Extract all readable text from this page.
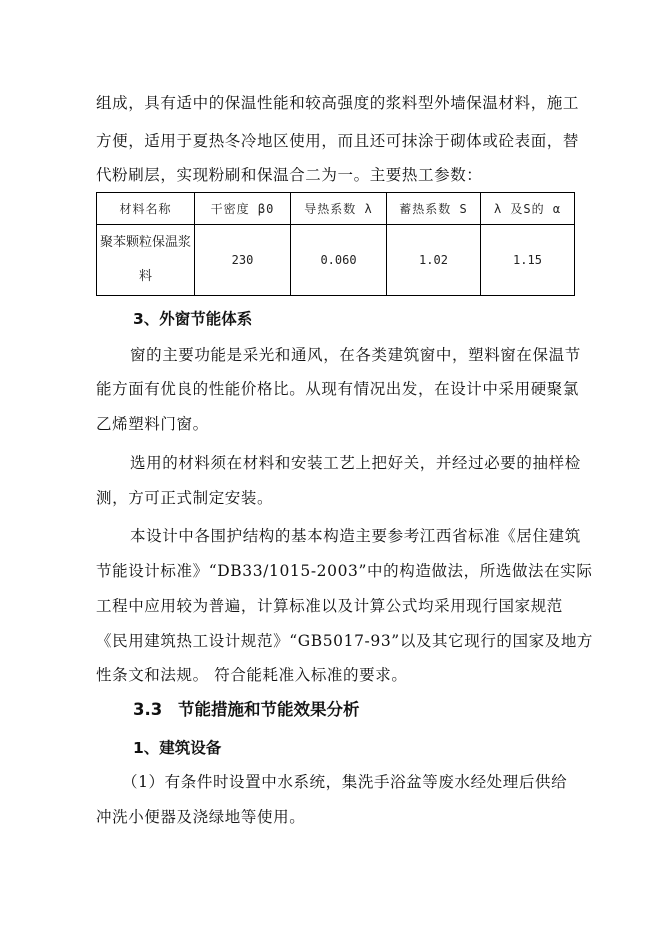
组成，具有适中的保温性能和较高强度的浆料型外墙保温材料，施工
方便，适用于夏热冬冷地区使用，而且还可抹涂于砌体或砼表面，替
代粉刷层，实现粉刷和保温合二为一。主要热工参数：
材料名称	干密度 β0	导热系数 λ	蓄热系数 S	λ 及S的 α
聚苯颗粒保温浆料	230	0.060	1.02	1.15
3、外窗节能体系
窗的主要功能是采光和通风，在各类建筑窗中，塑料窗在保温节
能方面有优良的性能价格比。从现有情况出发，在设计中采用硬聚氯
乙烯塑料门窗。
选用的材料须在材料和安装工艺上把好关，并经过必要的抽样检
测，方可正式制定安装。
本设计中各围护结构的基本构造主要参考江西省标准《居住建筑
节能设计标准》“DB33/1015-2003”中的构造做法，所选做法在实际
工程中应用较为普遍，计算标准以及计算公式均采用现行国家规范
《民用建筑热工设计规范》“GB5017-93”以及其它现行的国家及地方
性条文和法规。 符合能耗准入标准的要求。
3.3 节能措施和节能效果分析
1、建筑设备
（1）有条件时设置中水系统，集洗手浴盆等废水经处理后供给
冲洗小便器及浇绿地等使用。
